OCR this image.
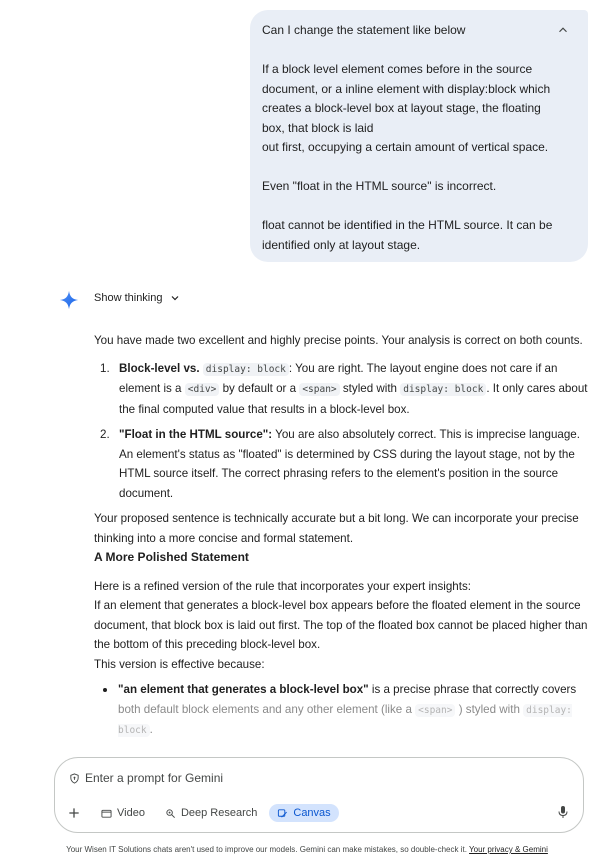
Can I change the statement like below

If a block level element comes before in the source

document, or a inline element with display:block which

creates a block-level box at layout stage, the floating

box, that block is laid

out first, occupying a certain amount of vertical space.

Even "float in the HTML source" is incorrect.

float cannot be identified in the HTML source. It can be

identified only at layout stage.

Show thinking

You have made two excellent and highly precise points. Your analysis is correct on both counts.

1. Block-level vs. display: block : You are right. The layout engine does not care if an element is a <div> by default or a <span> styled with display: block . It only cares about the final computed value that results in a block-level box.
2. "Float in the HTML source": You are also absolutely correct. This is imprecise language. An element's status as "floated" is determined by CSS during the layout stage, not by the HTML source itself. The correct phrasing refers to the element's position in the source document.

Your proposed sentence is technically accurate but a bit long. We can incorporate your precise thinking into a more concise and formal statement.

A More Polished Statement

Here is a refined version of the rule that incorporates your expert insights:

If an element that generates a block-level box appears before the floated element in the source document, that block box is laid out first. The top of the floated box cannot be placed higher than the bottom of this preceding block-level box.

This version is effective because:

"an element that generates a block-level box" is a precise phrase that correctly covers both default block elements and any other element (like a <span> ) styled with display: block .
Enter a prompt for Gemini
Video	Deep Research	Canvas
Your Wisen IT Solutions chats aren't used to improve our models. Gemini can make mistakes, so double-check it. Your privacy & Gemini
